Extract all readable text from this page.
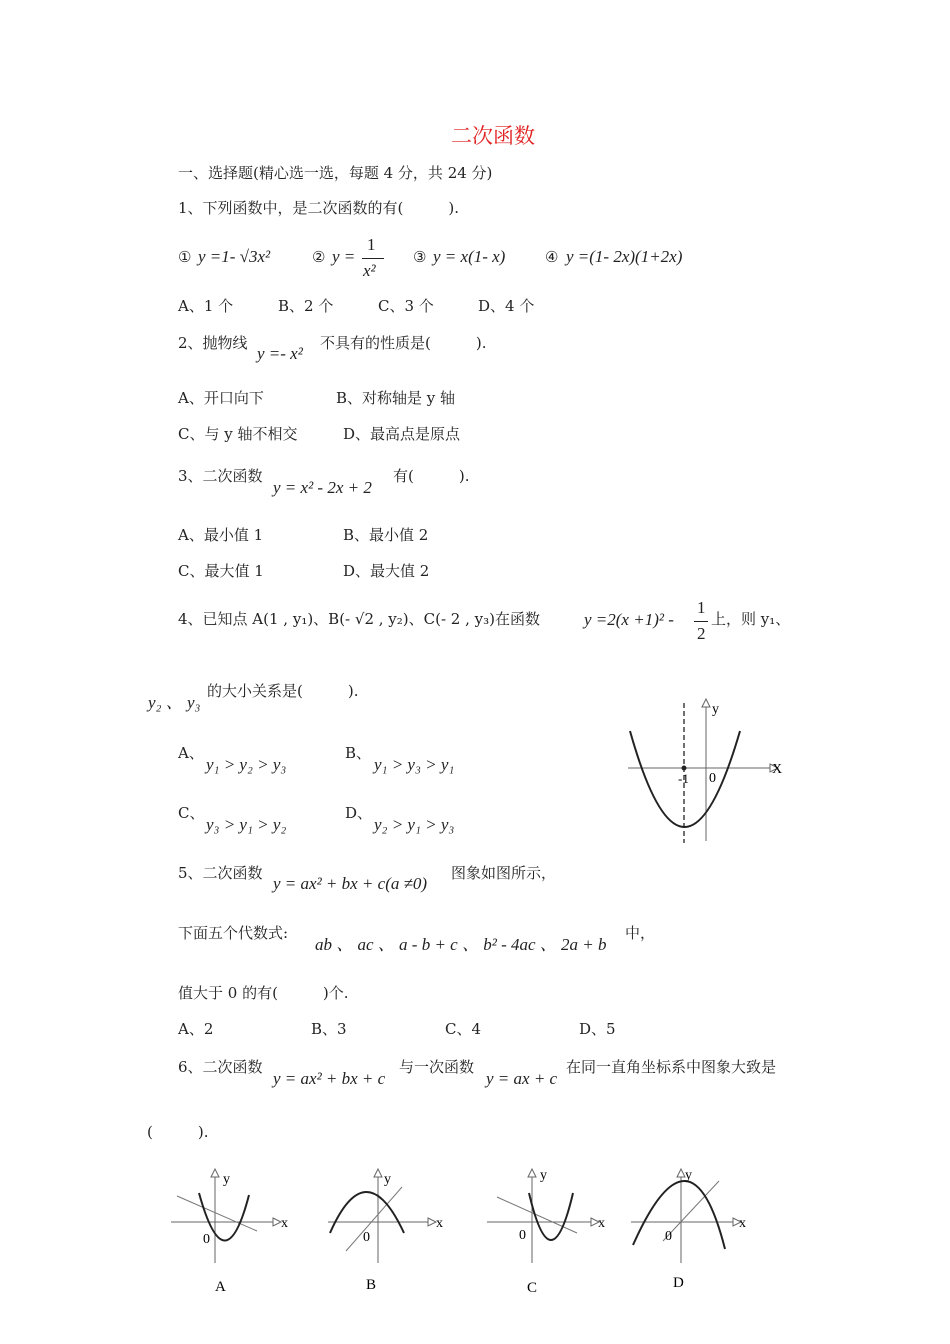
二次函数
一、选择题(精心选一选，每题 4 分，共 24 分)
1、下列函数中，是二次函数的有(　　　).
① y =1- √3x²	② y =
1
x²
③ y = x(1- x)	④ y =(1- 2x)(1+2x)
A、1 个	B、2 个	C、3 个	D、4 个
2、抛物线
y =- x²
不具有的性质是(　　　).
A、开口向下	B、对称轴是 y 轴
C、与 y 轴不相交	D、最高点是原点
3、二次函数
y = x² - 2x + 2
有(　　　).
A、最小值 1	B、最小值 2
C、最大值 1	D、最大值 2
4、已知点 A(1 , y₁)、B(- √2 , y₂)、C(- 2 , y₃)在函数	y =2(x +1)² -
1
2
上，则 y₁、
y₂ 、 y₃
的大小关系是(　　　).
A、
y₁ > y₂ > y₃
B、
y₁ > y₃ > y₁
C、
y₃ > y₁ > y₂
D、
y₂ > y₁ > y₃
y
X
-1 0
5、二次函数
y = ax² + bx + c(a ≠0)
图象如图所示，
下面五个代数式:
ab 、 ac 、 a - b + c 、 b² - 4ac 、 2a + b
中，
值大于 0 的有(　　　)个.
A、2	B、3	C、4	D、5
6、二次函数
y = ax² + bx + c
与一次函数
y = ax + c
在同一直角坐标系中图象大致是
(　　　).
y
x
0
A
y
x
0
B
y
x
0
C
y
x
0
D
